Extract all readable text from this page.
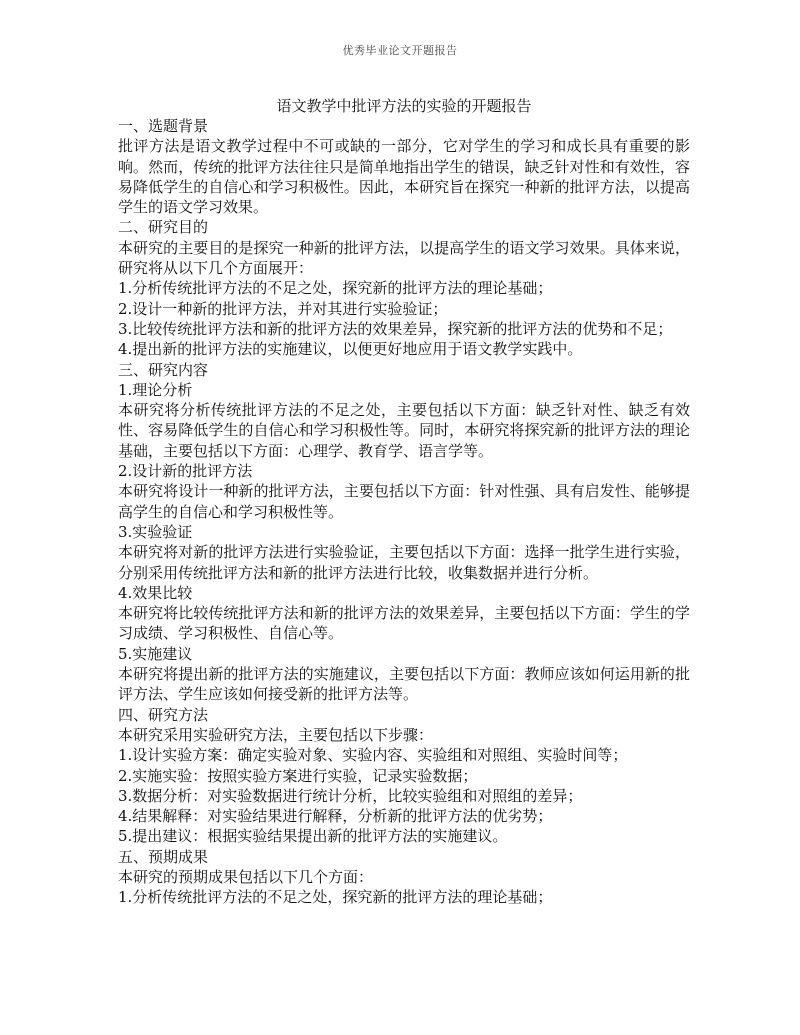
优秀毕业论文开题报告
语文教学中批评方法的实验的开题报告

一、选题背景

批评方法是语文教学过程中不可或缺的一部分，它对学生的学习和成长具有重要的影响。然而，传统的批评方法往往只是简单地指出学生的错误，缺乏针对性和有效性，容易降低学生的自信心和学习积极性。因此，本研究旨在探究一种新的批评方法，以提高学生的语文学习效果。

二、研究目的

本研究的主要目的是探究一种新的批评方法，以提高学生的语文学习效果。具体来说，研究将从以下几个方面展开：

1.分析传统批评方法的不足之处，探究新的批评方法的理论基础；

2.设计一种新的批评方法，并对其进行实验验证；

3.比较传统批评方法和新的批评方法的效果差异，探究新的批评方法的优势和不足；

4.提出新的批评方法的实施建议，以便更好地应用于语文教学实践中。

三、研究内容

1.理论分析

本研究将分析传统批评方法的不足之处，主要包括以下方面：缺乏针对性、缺乏有效性、容易降低学生的自信心和学习积极性等。同时，本研究将探究新的批评方法的理论基础，主要包括以下方面：心理学、教育学、语言学等。

2.设计新的批评方法

本研究将设计一种新的批评方法，主要包括以下方面：针对性强、具有启发性、能够提高学生的自信心和学习积极性等。

3.实验验证

本研究将对新的批评方法进行实验验证，主要包括以下方面：选择一批学生进行实验，分别采用传统批评方法和新的批评方法进行比较，收集数据并进行分析。

4.效果比较

本研究将比较传统批评方法和新的批评方法的效果差异，主要包括以下方面：学生的学习成绩、学习积极性、自信心等。

5.实施建议

本研究将提出新的批评方法的实施建议，主要包括以下方面：教师应该如何运用新的批评方法、学生应该如何接受新的批评方法等。

四、研究方法

本研究采用实验研究方法，主要包括以下步骤：

1.设计实验方案：确定实验对象、实验内容、实验组和对照组、实验时间等；

2.实施实验：按照实验方案进行实验，记录实验数据；

3.数据分析：对实验数据进行统计分析，比较实验组和对照组的差异；

4.结果解释：对实验结果进行解释，分析新的批评方法的优劣势；

5.提出建议：根据实验结果提出新的批评方法的实施建议。

五、预期成果

本研究的预期成果包括以下几个方面：

1.分析传统批评方法的不足之处，探究新的批评方法的理论基础；
